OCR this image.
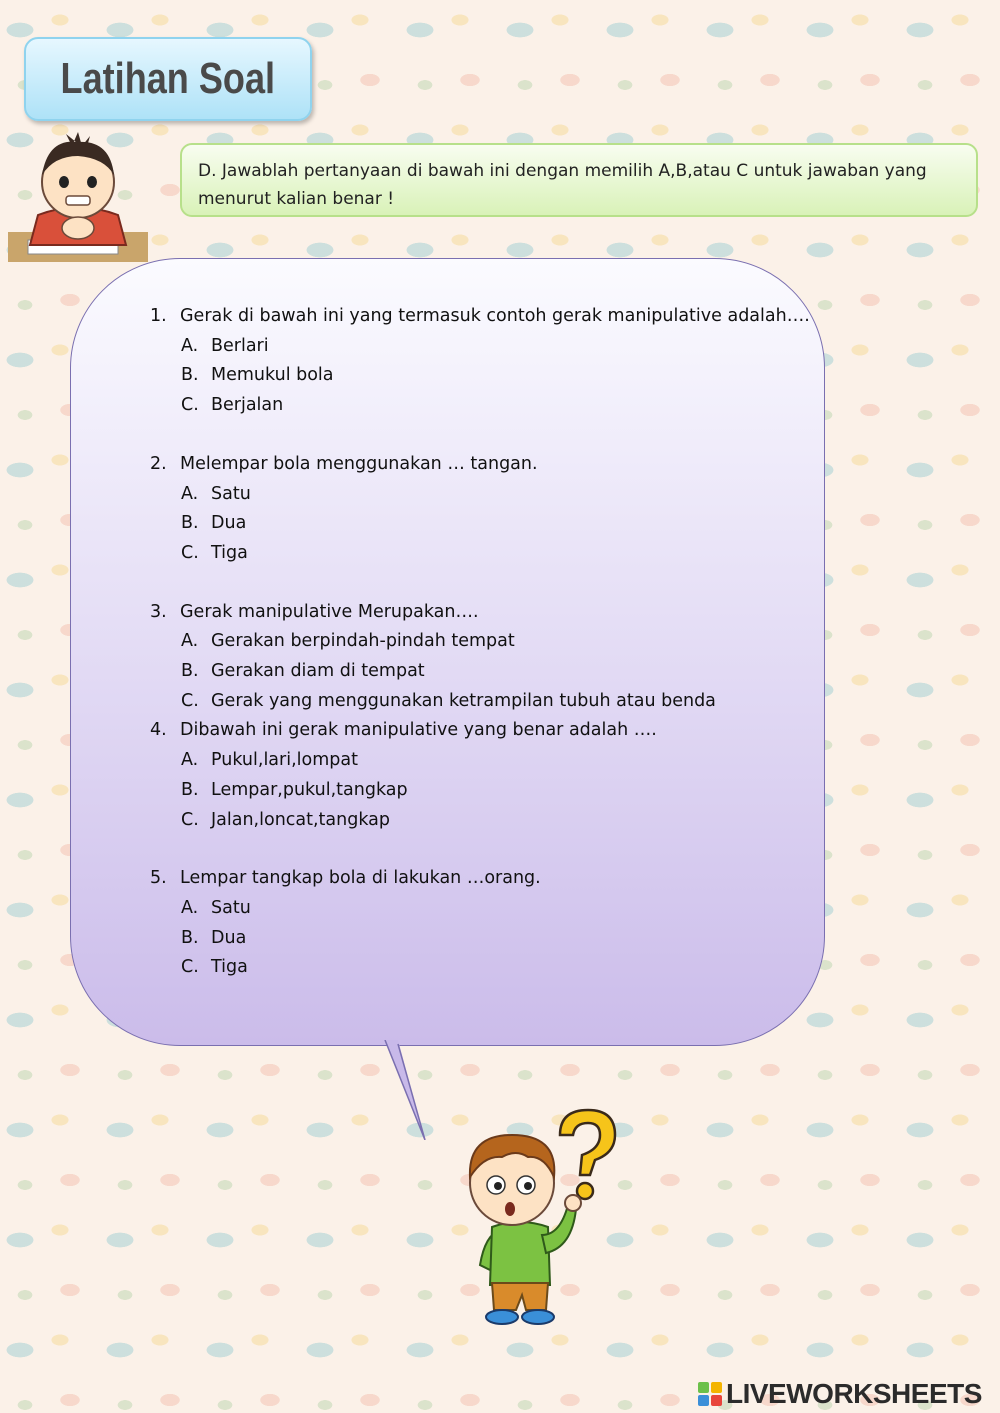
Latihan Soal
D. Jawablah pertanyaan di bawah ini dengan memilih A,B,atau C untuk jawaban yang menurut kalian benar !
1. Gerak di bawah ini yang termasuk contoh gerak manipulative adalah….
A. Berlari
B. Memukul bola
C. Berjalan
2. Melempar bola menggunakan … tangan.
A. Satu
B. Dua
C. Tiga
3. Gerak manipulative Merupakan….
A. Gerakan berpindah-pindah tempat
B. Gerakan diam di tempat
C. Gerak yang menggunakan ketrampilan tubuh atau benda
4. Dibawah ini gerak manipulative yang benar adalah ….
A. Pukul,lari,lompat
B. Lempar,pukul,tangkap
C. Jalan,loncat,tangkap
5. Lempar tangkap bola di lakukan …orang.
A. Satu
B. Dua
C. Tiga
LIVEWORKSHEETS
